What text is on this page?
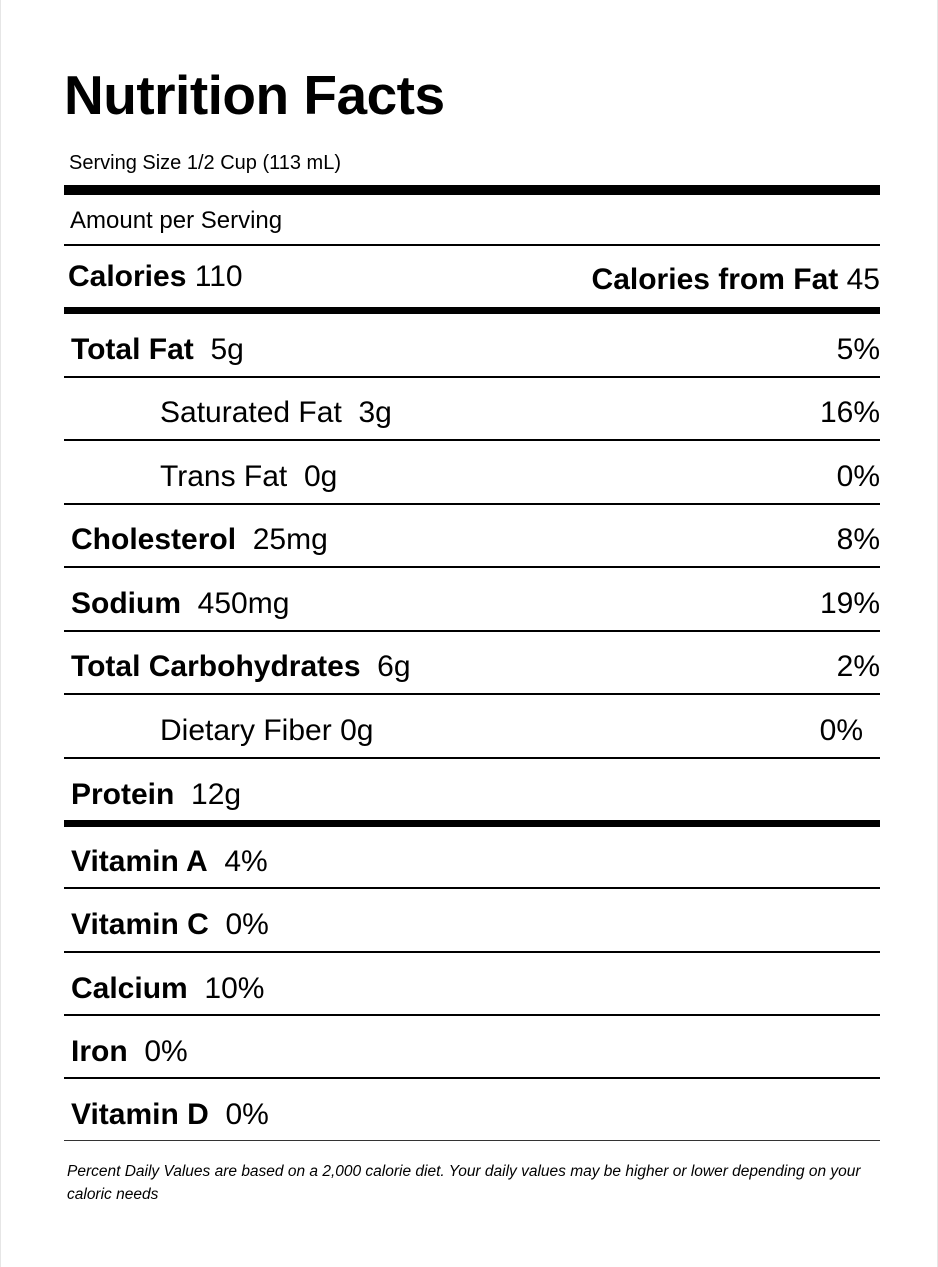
Nutrition Facts
Serving Size 1/2 Cup (113 mL)
Amount per Serving
Calories 110	Calories from Fat 45
Total Fat 5g	5%
Saturated Fat 3g	16%
Trans Fat 0g	0%
Cholesterol 25mg	8%
Sodium 450mg	19%
Total Carbohydrates 6g	2%
Dietary Fiber 0g	0%
Protein 12g
Vitamin A 4%
Vitamin C 0%
Calcium 10%
Iron 0%
Vitamin D 0%
Percent Daily Values are based on a 2,000 calorie diet. Your daily values may be higher or lower depending on your caloric needs
